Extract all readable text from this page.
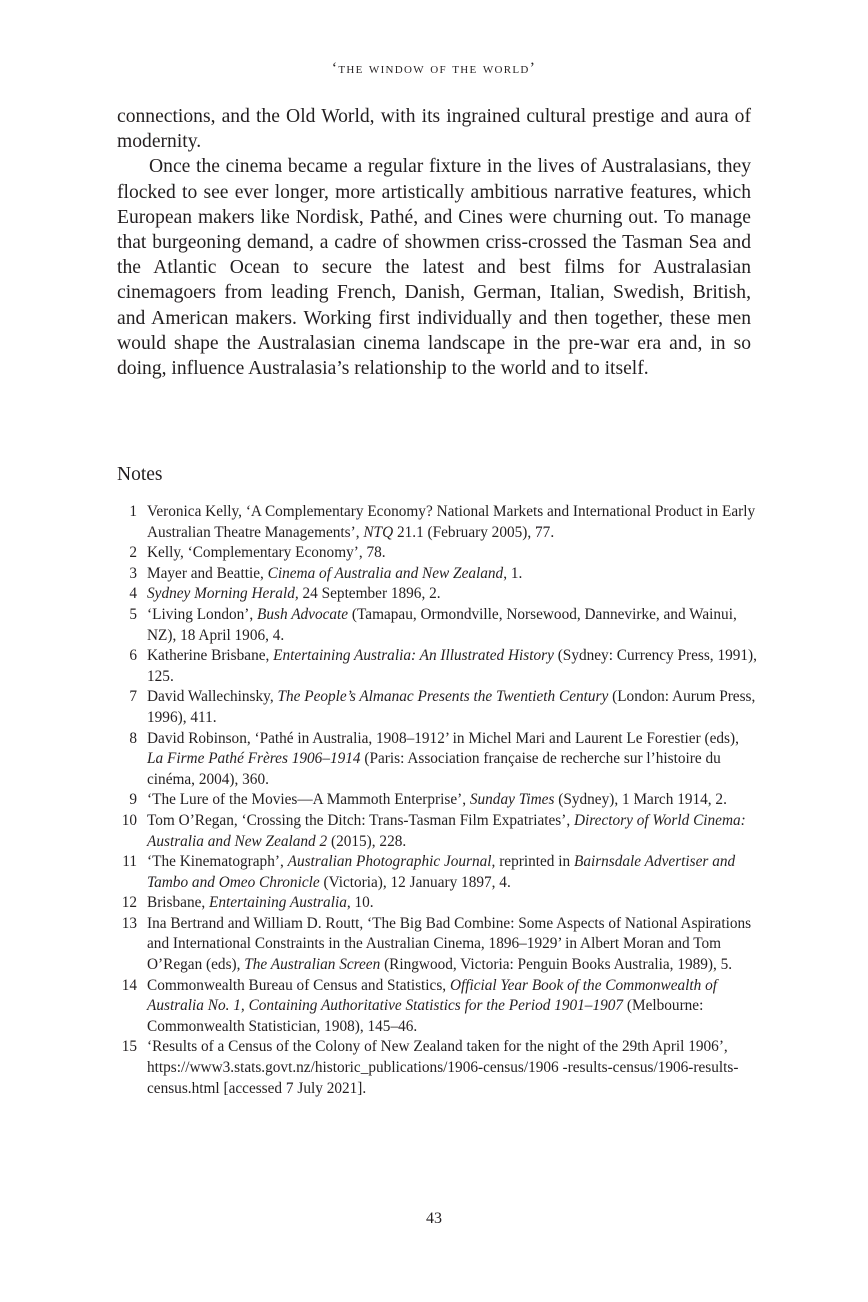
‘the window of the world’

connections, and the Old World, with its ingrained cultural prestige and aura of modernity.

Once the cinema became a regular fixture in the lives of Australasians, they flocked to see ever longer, more artistically ambitious narrative features, which European makers like Nordisk, Pathé, and Cines were churning out. To manage that burgeoning demand, a cadre of showmen criss-crossed the Tasman Sea and the Atlantic Ocean to secure the latest and best films for Australasian cinemagoers from leading French, Danish, German, Italian, Swedish, British, and American makers. Working first individually and then together, these men would shape the Australasian cinema landscape in the pre-war era and, in so doing, influence Australasia’s relationship to the world and to itself.

Notes
1 Veronica Kelly, ‘A Complementary Economy? National Markets and International Product in Early Australian Theatre Managements’, NTQ 21.1 (February 2005), 77.
2 Kelly, ‘Complementary Economy’, 78.
3 Mayer and Beattie, Cinema of Australia and New Zealand, 1.
4 Sydney Morning Herald, 24 September 1896, 2.
5 ‘Living London’, Bush Advocate (Tamapau, Ormondville, Norsewood, Dannevirke, and Wainui, NZ), 18 April 1906, 4.
6 Katherine Brisbane, Entertaining Australia: An Illustrated History (Sydney: Currency Press, 1991), 125.
7 David Wallechinsky, The People’s Almanac Presents the Twentieth Century (London: Aurum Press, 1996), 411.
8 David Robinson, ‘Pathé in Australia, 1908–1912’ in Michel Mari and Laurent Le Forestier (eds), La Firme Pathé Frères 1906–1914 (Paris: Association française de recherche sur l’histoire du cinéma, 2004), 360.
9 ‘The Lure of the Movies—A Mammoth Enterprise’, Sunday Times (Sydney), 1 March 1914, 2.
10 Tom O’Regan, ‘Crossing the Ditch: Trans-Tasman Film Expatriates’, Directory of World Cinema: Australia and New Zealand 2 (2015), 228.
11 ‘The Kinematograph’, Australian Photographic Journal, reprinted in Bairnsdale Advertiser and Tambo and Omeo Chronicle (Victoria), 12 January 1897, 4.
12 Brisbane, Entertaining Australia, 10.
13 Ina Bertrand and William D. Routt, ‘The Big Bad Combine: Some Aspects of National Aspirations and International Constraints in the Australian Cinema, 1896–1929’ in Albert Moran and Tom O’Regan (eds), The Australian Screen (Ringwood, Victoria: Penguin Books Australia, 1989), 5.
14 Commonwealth Bureau of Census and Statistics, Official Year Book of the Commonwealth of Australia No. 1, Containing Authoritative Statistics for the Period 1901–1907 (Melbourne: Commonwealth Statistician, 1908), 145–46.
15 ‘Results of a Census of the Colony of New Zealand taken for the night of the 29th April 1906’, https://www3.stats.govt.nz/historic_publications/1906-census/1906 -results-census/1906-results-census.html [accessed 7 July 2021].
43
